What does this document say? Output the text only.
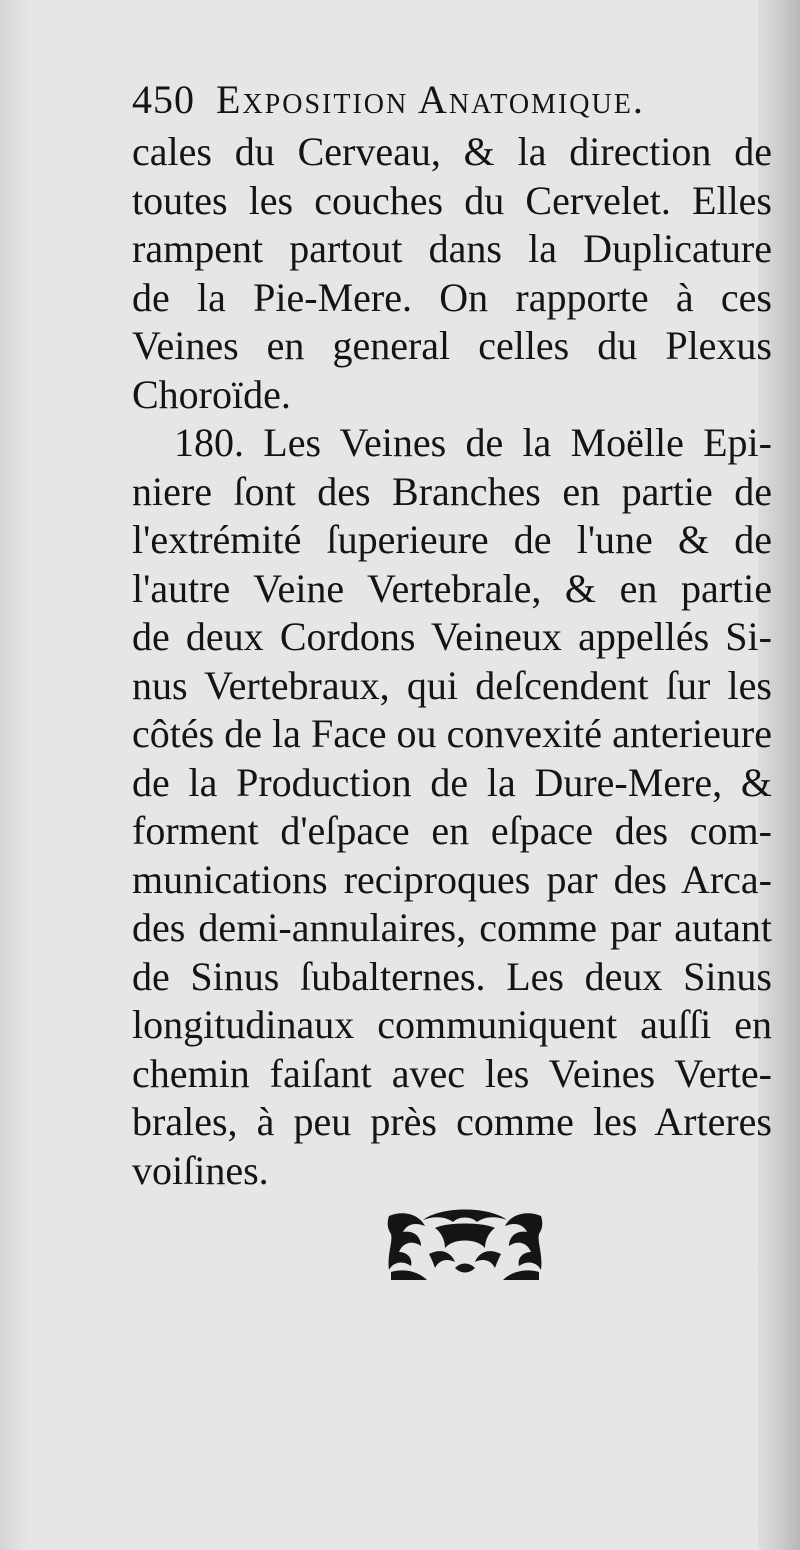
450 Exposition Anatomique.
cales du Cerveau, & la direction de
toutes les couches du Cervelet. Elles
rampent partout dans la Duplicature
de la Pie-Mere. On rapporte à ces
Veines en general celles du Plexus
Choroïde.
180. Les Veines de la Moëlle Epi-
niere ſont des Branches en partie de
l'extrémité ſuperieure de l'une & de
l'autre Veine Vertebrale, & en partie
de deux Cordons Veineux appellés Si-
nus Vertebraux, qui deſcendent ſur les
côtés de la Face ou convexité anterieure
de la Production de la Dure-Mere, &
forment d'eſpace en eſpace des com-
munications reciproques par des Arca-
des demi-annulaires, comme par autant
de Sinus ſubalternes. Les deux Sinus
longitudinaux communiquent auſſi en
chemin faiſant avec les Veines Verte-
brales, à peu près comme les Arteres
voiſines.
